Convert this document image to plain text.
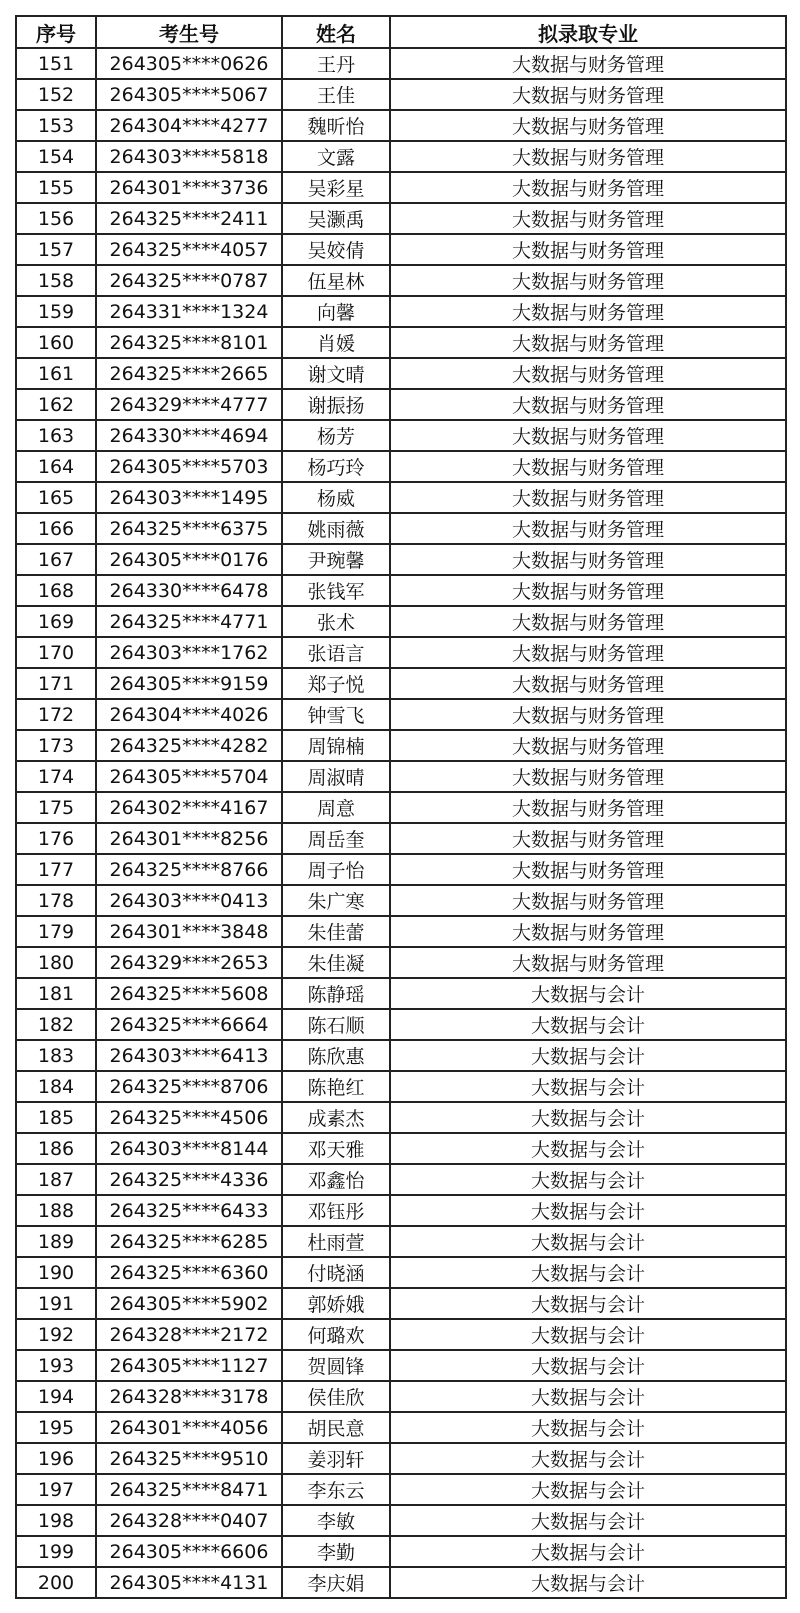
序号	考生号	姓名	拟录取专业
151	264305****0626	王丹	大数据与财务管理
152	264305****5067	王佳	大数据与财务管理
153	264304****4277	魏昕怡	大数据与财务管理
154	264303****5818	文露	大数据与财务管理
155	264301****3736	吴彩星	大数据与财务管理
156	264325****2411	吴灏禹	大数据与财务管理
157	264325****4057	吴姣倩	大数据与财务管理
158	264325****0787	伍星林	大数据与财务管理
159	264331****1324	向馨	大数据与财务管理
160	264325****8101	肖媛	大数据与财务管理
161	264325****2665	谢文晴	大数据与财务管理
162	264329****4777	谢振扬	大数据与财务管理
163	264330****4694	杨芳	大数据与财务管理
164	264305****5703	杨巧玲	大数据与财务管理
165	264303****1495	杨威	大数据与财务管理
166	264325****6375	姚雨薇	大数据与财务管理
167	264305****0176	尹琬馨	大数据与财务管理
168	264330****6478	张钱军	大数据与财务管理
169	264325****4771	张术	大数据与财务管理
170	264303****1762	张语言	大数据与财务管理
171	264305****9159	郑子悦	大数据与财务管理
172	264304****4026	钟雪飞	大数据与财务管理
173	264325****4282	周锦楠	大数据与财务管理
174	264305****5704	周淑晴	大数据与财务管理
175	264302****4167	周意	大数据与财务管理
176	264301****8256	周岳奎	大数据与财务管理
177	264325****8766	周子怡	大数据与财务管理
178	264303****0413	朱广寒	大数据与财务管理
179	264301****3848	朱佳蕾	大数据与财务管理
180	264329****2653	朱佳凝	大数据与财务管理
181	264325****5608	陈静瑶	大数据与会计
182	264325****6664	陈石顺	大数据与会计
183	264303****6413	陈欣惠	大数据与会计
184	264325****8706	陈艳红	大数据与会计
185	264325****4506	成素杰	大数据与会计
186	264303****8144	邓天雅	大数据与会计
187	264325****4336	邓鑫怡	大数据与会计
188	264325****6433	邓钰彤	大数据与会计
189	264325****6285	杜雨萱	大数据与会计
190	264325****6360	付晓涵	大数据与会计
191	264305****5902	郭娇娥	大数据与会计
192	264328****2172	何璐欢	大数据与会计
193	264305****1127	贺圆锋	大数据与会计
194	264328****3178	侯佳欣	大数据与会计
195	264301****4056	胡民意	大数据与会计
196	264325****9510	姜羽轩	大数据与会计
197	264325****8471	李东云	大数据与会计
198	264328****0407	李敏	大数据与会计
199	264305****6606	李勤	大数据与会计
200	264305****4131	李庆娟	大数据与会计
